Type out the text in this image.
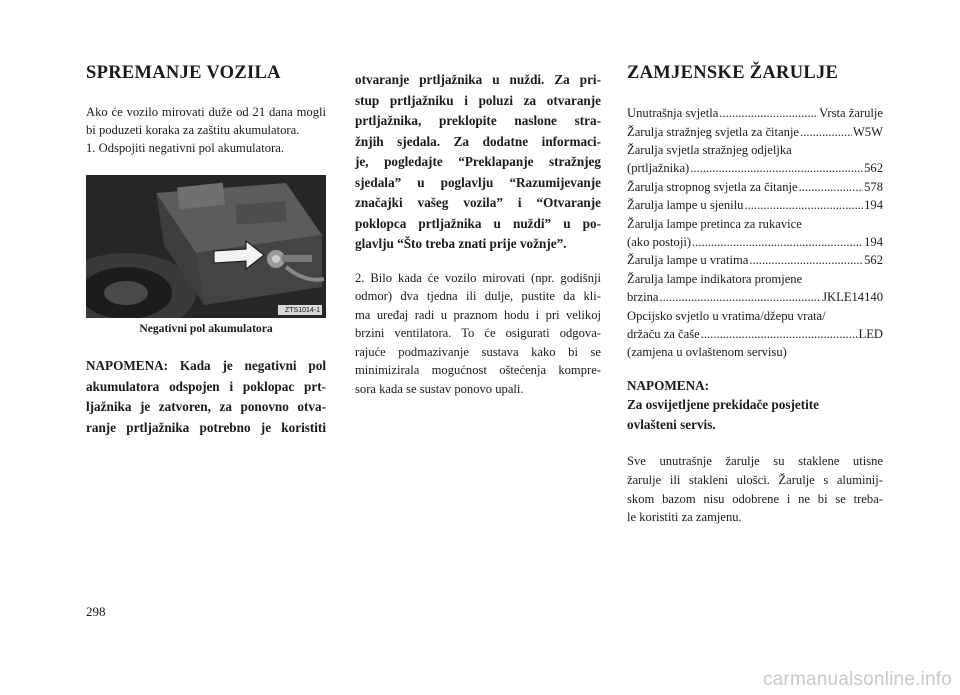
SPREMANJE VOZILA

Ako će vozilo mirovati duže od 21 dana mogli bi poduzeti koraka za zaštitu akumulatora.

1. Odspojiti negativni pol akumulatora.

ZTS1014-1
Negativni pol akumulatora
NAPOMENA: Kada je negativni pol
akumulatora odspojen i poklopac prt-
ljažnika je zatvoren, za ponovno otva-
ranje prtljažnika potrebno je koristiti
otvaranje prtljažnika u nuždi. Za pri-
stup prtljažniku i poluzi za otvaranje
prtljažnika, preklopite naslone stra-
žnjih sjedala. Za dodatne informaci-
je, pogledajte “Preklapanje stražnjeg
sjedala” u poglavlju “Razumijevanje
značajki vašeg vozila” i “Otvaranje
poklopca prtljažnika u nuždi” u po-
glavlju “Što treba znati prije vožnje”.
2. Bilo kada će vozilo mirovati (npr. godišnji
odmor) dva tjedna ili dulje, pustite da kli-
ma uređaj radi u praznom hodu i pri velikoj
brzini ventilatora. To će osigurati odgova-
rajuće podmazivanje sustava kako bi se
minimizirala mogućnost oštećenja kompre-
sora kada se sustav ponovo upali.
ZAMJENSKE ŽARULJE
Unutrašnja svjetla .....	Vrsta žarulje
Žarulja stražnjeg svjetla za čitanje .....	W5W
Žarulja svjetla stražnjeg odjeljka
(prtljažnika) .....	562
Žarulja stropnog svjetla za čitanje .....	578
Žarulja lampe u sjenilu .....	194
Žarulja lampe pretinca za rukavice
(ako postoji) .....	194
Žarulja lampe u vratima .....	562
Žarulja lampe indikatora promjene
brzina .....	JKLE14140
Opcijsko svjetlo u vratima/džepu vrata/
držaču za čaše .....	LED
(zamjena u ovlaštenom servisu)
NAPOMENA:
Za osvijetljene prekidače posjetite
ovlašteni servis.
Sve unutrašnje žarulje su staklene utisne
žarulje ili stakleni ulošci. Žarulje s aluminij-
skom bazom nisu odobrene i ne bi se treba-
le koristiti za zamjenu.
298
carmanualsonline.info
